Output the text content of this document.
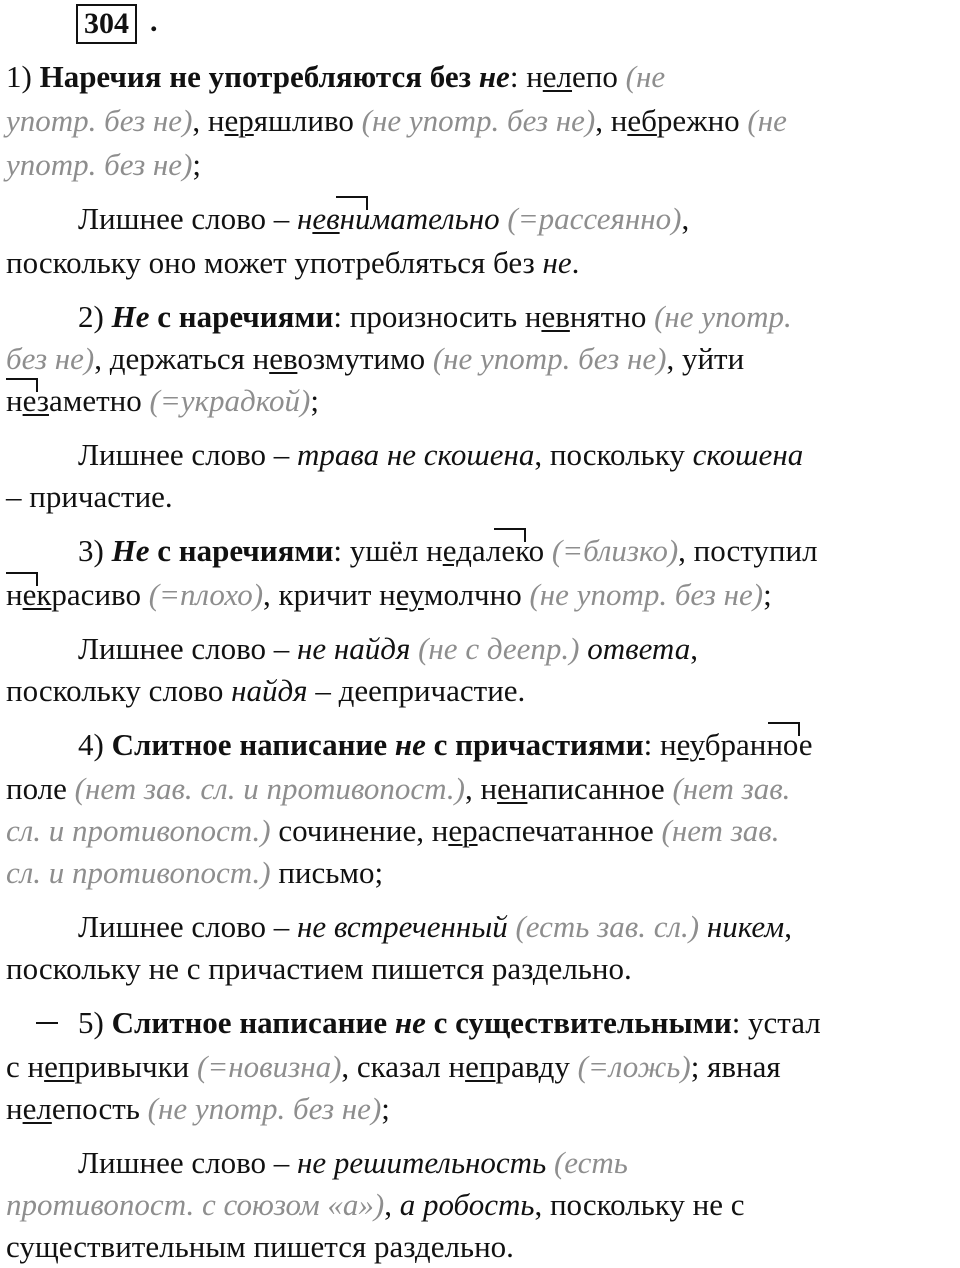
304 .
1) Наречия не употребляются без не: нелепо (не
употр. без не), неряшливо (не употр. без не), небрежно (не
употр. без не);
Лишнее слово – невнимательно (=рассеянно),
поскольку оно может употребляться без не.
2) Не с наречиями: произносить невнятно (не употр.
без не), держаться невозмутимо (не употр. без не), уйти
незаметно (=украдкой);
Лишнее слово – трава не скошена, поскольку скошена
– причастие.
3) Не с наречиями: ушёл недалеко (=близко), поступил
некрасиво (=плохо), кричит неумолчно (не употр. без не);
Лишнее слово – не найдя (не с деепр.) ответа,
поскольку слово найдя – деепричастие.
4) Слитное написание не с причастиями: неубранное
поле (нет зав. сл. и противопост.), ненаписанное (нет зав.
сл. и противопост.) сочинение, нераспечатанное (нет зав.
сл. и противопост.) письмо;
Лишнее слово – не встреченный (есть зав. сл.) никем,
поскольку не с причастием пишется раздельно.
5) Слитное написание не с существительными: устал
с непривычки (=новизна), сказал неправду (=ложь); явная
нелепость (не употр. без не);
Лишнее слово – не решительность (есть
противопост. с союзом «а»), а робость, поскольку не с
существительным пишется раздельно.
